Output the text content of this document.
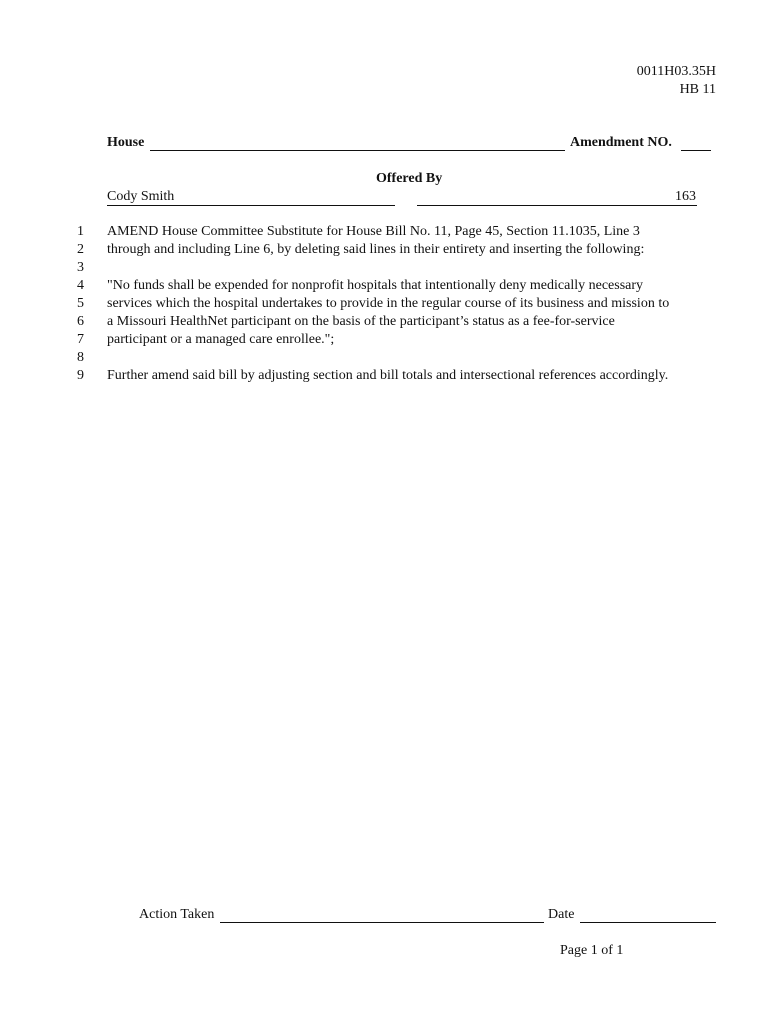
0011H03.35H
HB 11
House	Amendment NO.
Offered By
Cody Smith	163
1 AMEND House Committee Substitute for House Bill No. 11, Page 45, Section 11.1035, Line 3
2 through and including Line 6, by deleting said lines in their entirety and inserting the following:
3
4 "No funds shall be expended for nonprofit hospitals that intentionally deny medically necessary
5 services which the hospital undertakes to provide in the regular course of its business and mission to
6 a Missouri HealthNet participant on the basis of the participant’s status as a fee-for-service
7 participant or a managed care enrollee.";
8
9 Further amend said bill by adjusting section and bill totals and intersectional references accordingly.
Action Taken	Date
Page 1 of 1
